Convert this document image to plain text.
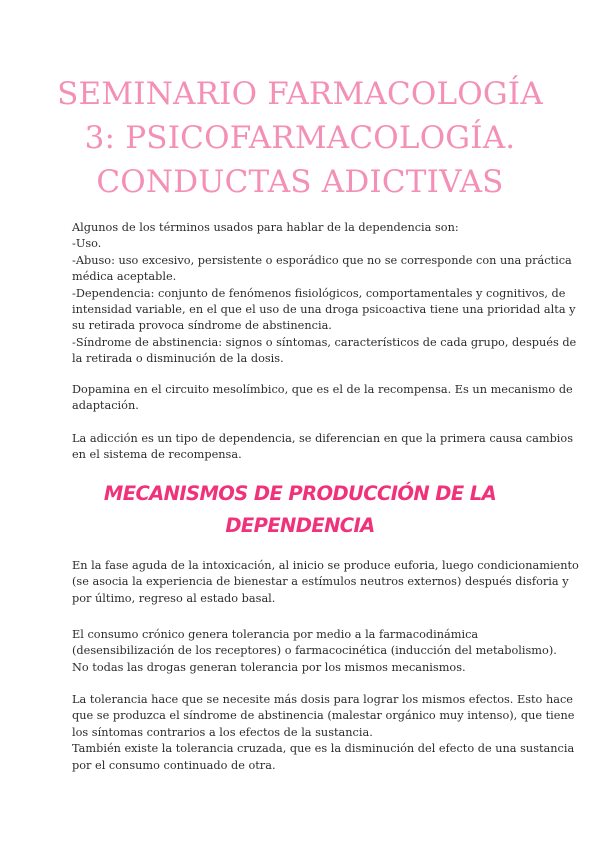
SEMINARIO FARMACOLOGÍA
3: PSICOFARMACOLOGÍA.
CONDUCTAS ADICTIVAS

Algunos de los términos usados para hablar de la dependencia son:

-Uso.

-Abuso: uso excesivo, persistente o esporádico que no se corresponde con una práctica

médica aceptable.

-Dependencia: conjunto de fenómenos fisiológicos, comportamentales y cognitivos, de

intensidad variable, en el que el uso de una droga psicoactiva tiene una prioridad alta y

su retirada provoca síndrome de abstinencia.

-Síndrome de abstinencia: signos o síntomas, característicos de cada grupo, después de

la retirada o disminución de la dosis.

Dopamina en el circuito mesolímbico, que es el de la recompensa. Es un mecanismo de

adaptación.

La adicción es un tipo de dependencia, se diferencian en que la primera causa cambios

en el sistema de recompensa.

MECANISMOS DE PRODUCCIÓN DE LA
DEPENDENCIA

En la fase aguda de la intoxicación, al inicio se produce euforia, luego condicionamiento

(se asocia la experiencia de bienestar a estímulos neutros externos) después disforia y

por último, regreso al estado basal.

El consumo crónico genera tolerancia por medio a la farmacodinámica

(desensibilización de los receptores) o farmacocinética (inducción del metabolismo).

No todas las drogas generan tolerancia por los mismos mecanismos.

La tolerancia hace que se necesite más dosis para lograr los mismos efectos. Esto hace

que se produzca el síndrome de abstinencia (malestar orgánico muy intenso), que tiene

los síntomas contrarios a los efectos de la sustancia.

También existe la tolerancia cruzada, que es la disminución del efecto de una sustancia

por el consumo continuado de otra.
